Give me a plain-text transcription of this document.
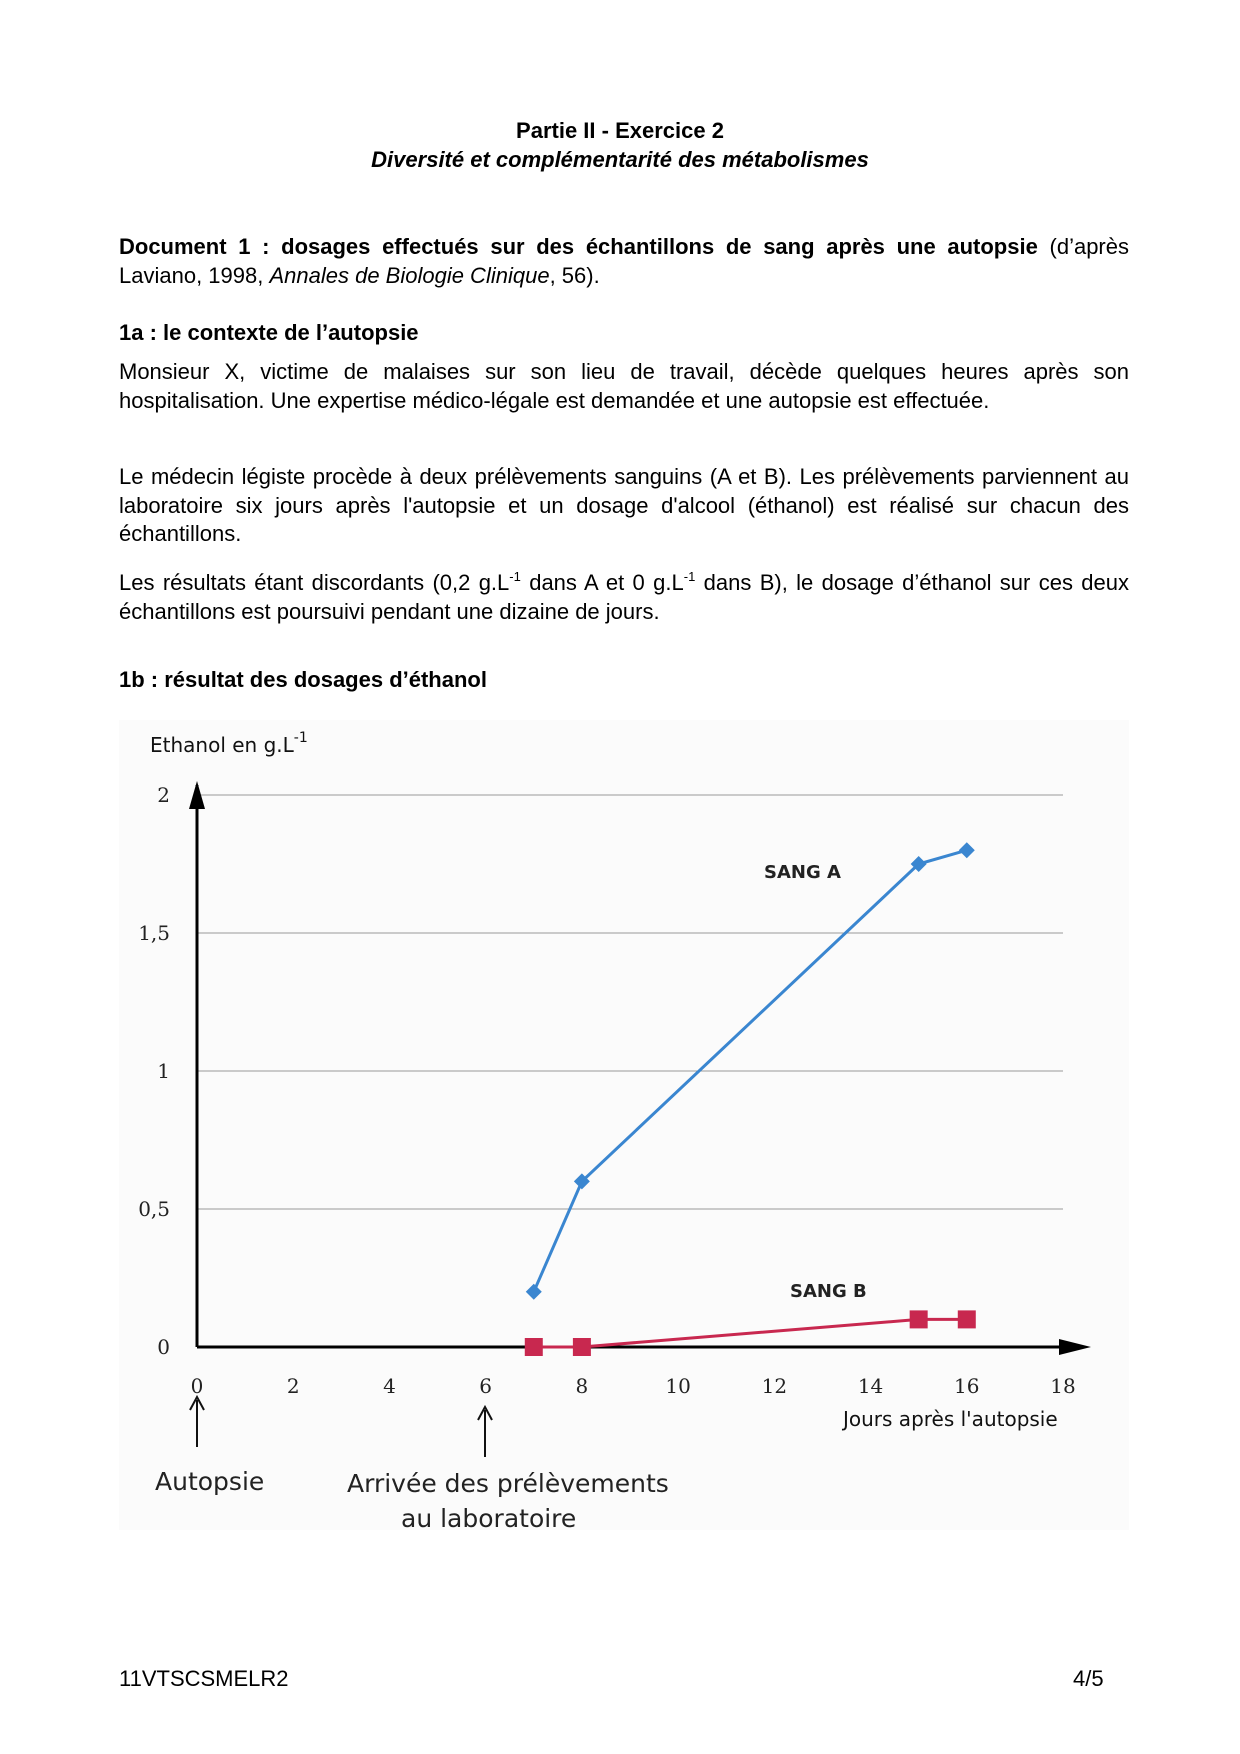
Partie II - Exercice 2
Diversité et complémentarité des métabolismes

Document 1 : dosages effectués sur des échantillons de sang après une autopsie (d’après Laviano, 1998, Annales de Biologie Clinique, 56).

1a : le contexte de l’autopsie

Monsieur X, victime de malaises sur son lieu de travail, décède quelques heures après son hospitalisation. Une expertise médico-légale est demandée et une autopsie est effectuée.

Le médecin légiste procède à deux prélèvements sanguins (A et B). Les prélèvements parviennent au laboratoire six jours après l'autopsie et un dosage d'alcool (éthanol) est réalisé sur chacun des échantillons.

Les résultats étant discordants (0,2 $g.L^{-1}$ dans A et 0 $g.L^{-1}$ dans B), le dosage d’éthanol sur ces deux échantillons est poursuivi pendant une dizaine de jours.

1b : résultat des dosages d’éthanol
0
0,5
1
1,5
2
0	2	4	6	8	10	12	14	16	18
Ethanol en $g.L^{-1}$
Jours après l'autopsie
SANG A
SANG B
Autopsie	Arrivée des prélèvements
au laboratoire
11VTSCSMELR2	4/5
